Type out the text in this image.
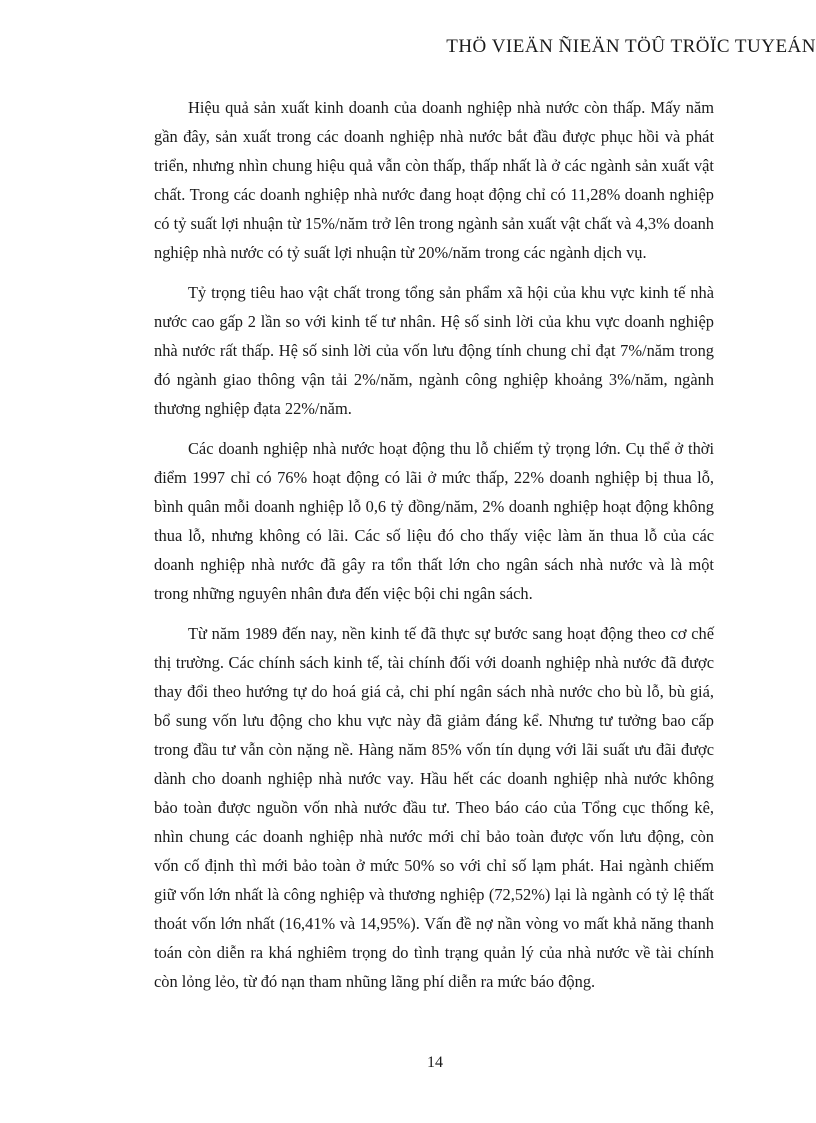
THÖ VIEÄN ÑIEÄN TÖÛ TRÖÏC TUYEÁN

Hiệu quả sản xuất kinh doanh của doanh nghiệp nhà nước còn thấp. Mấy năm gần đây, sản xuất trong các doanh nghiệp nhà nước bắt đầu được phục hồi và phát triển, nhưng nhìn chung hiệu quả vẫn còn thấp, thấp nhất là ở các ngành sản xuất vật chất. Trong các doanh nghiệp nhà nước đang hoạt động chỉ có 11,28% doanh nghiệp có tỷ suất lợi nhuận từ 15%/năm trở lên trong ngành sản xuất vật chất và 4,3% doanh nghiệp nhà nước có tỷ suất lợi nhuận từ 20%/năm trong các ngành dịch vụ.

Tỷ trọng tiêu hao vật chất trong tổng sản phẩm xã hội của khu vực kinh tế nhà nước cao gấp 2 lần so với kinh tế tư nhân. Hệ số sinh lời của khu vực doanh nghiệp nhà nước rất thấp. Hệ số sinh lời của vốn lưu động tính chung chỉ đạt 7%/năm trong đó ngành giao thông vận tải 2%/năm, ngành công nghiệp khoảng 3%/năm, ngành thương nghiệp đạta 22%/năm.

Các doanh nghiệp nhà nước hoạt động thu lỗ chiếm tỷ trọng lớn. Cụ thể ở thời điểm 1997 chỉ có 76% hoạt động có lãi ở mức thấp, 22% doanh nghiệp bị thua lỗ, bình quân mỗi doanh nghiệp lỗ 0,6 tỷ đồng/năm, 2% doanh nghiệp hoạt động không thua lỗ, nhưng không có lãi. Các số liệu đó cho thấy việc làm ăn thua lỗ của các doanh nghiệp nhà nước đã gây ra tổn thất lớn cho ngân sách nhà nước và là một trong những nguyên nhân đưa đến việc bội chi ngân sách.

Từ năm 1989 đến nay, nền kinh tế đã thực sự bước sang hoạt động theo cơ chế thị trường. Các chính sách kinh tế, tài chính đối với doanh nghiệp nhà nước đã được thay đổi theo hướng tự do hoá giá cả, chi phí ngân sách nhà nước cho bù lỗ, bù giá, bổ sung vốn lưu động cho khu vực này đã giảm đáng kể. Nhưng tư tưởng bao cấp trong đầu tư vẫn còn nặng nề. Hàng năm 85% vốn tín dụng với lãi suất ưu đãi được dành cho doanh nghiệp nhà nước vay. Hầu hết các doanh nghiệp nhà nước không bảo toàn được nguồn vốn nhà nước đầu tư. Theo báo cáo của Tổng cục thống kê, nhìn chung các doanh nghiệp nhà nước mới chỉ bảo toàn được vốn lưu động, còn vốn cố định thì mới bảo toàn ở mức 50% so với chỉ số lạm phát. Hai ngành chiếm giữ vốn lớn nhất là công nghiệp và thương nghiệp (72,52%) lại là ngành có tỷ lệ thất thoát vốn lớn nhất (16,41% và 14,95%). Vấn đề nợ nần vòng vo mất khả năng thanh toán còn diễn ra khá nghiêm trọng do tình trạng quản lý của nhà nước về tài chính còn lỏng lẻo, từ đó nạn tham nhũng lãng phí diễn ra mức báo động.

14
